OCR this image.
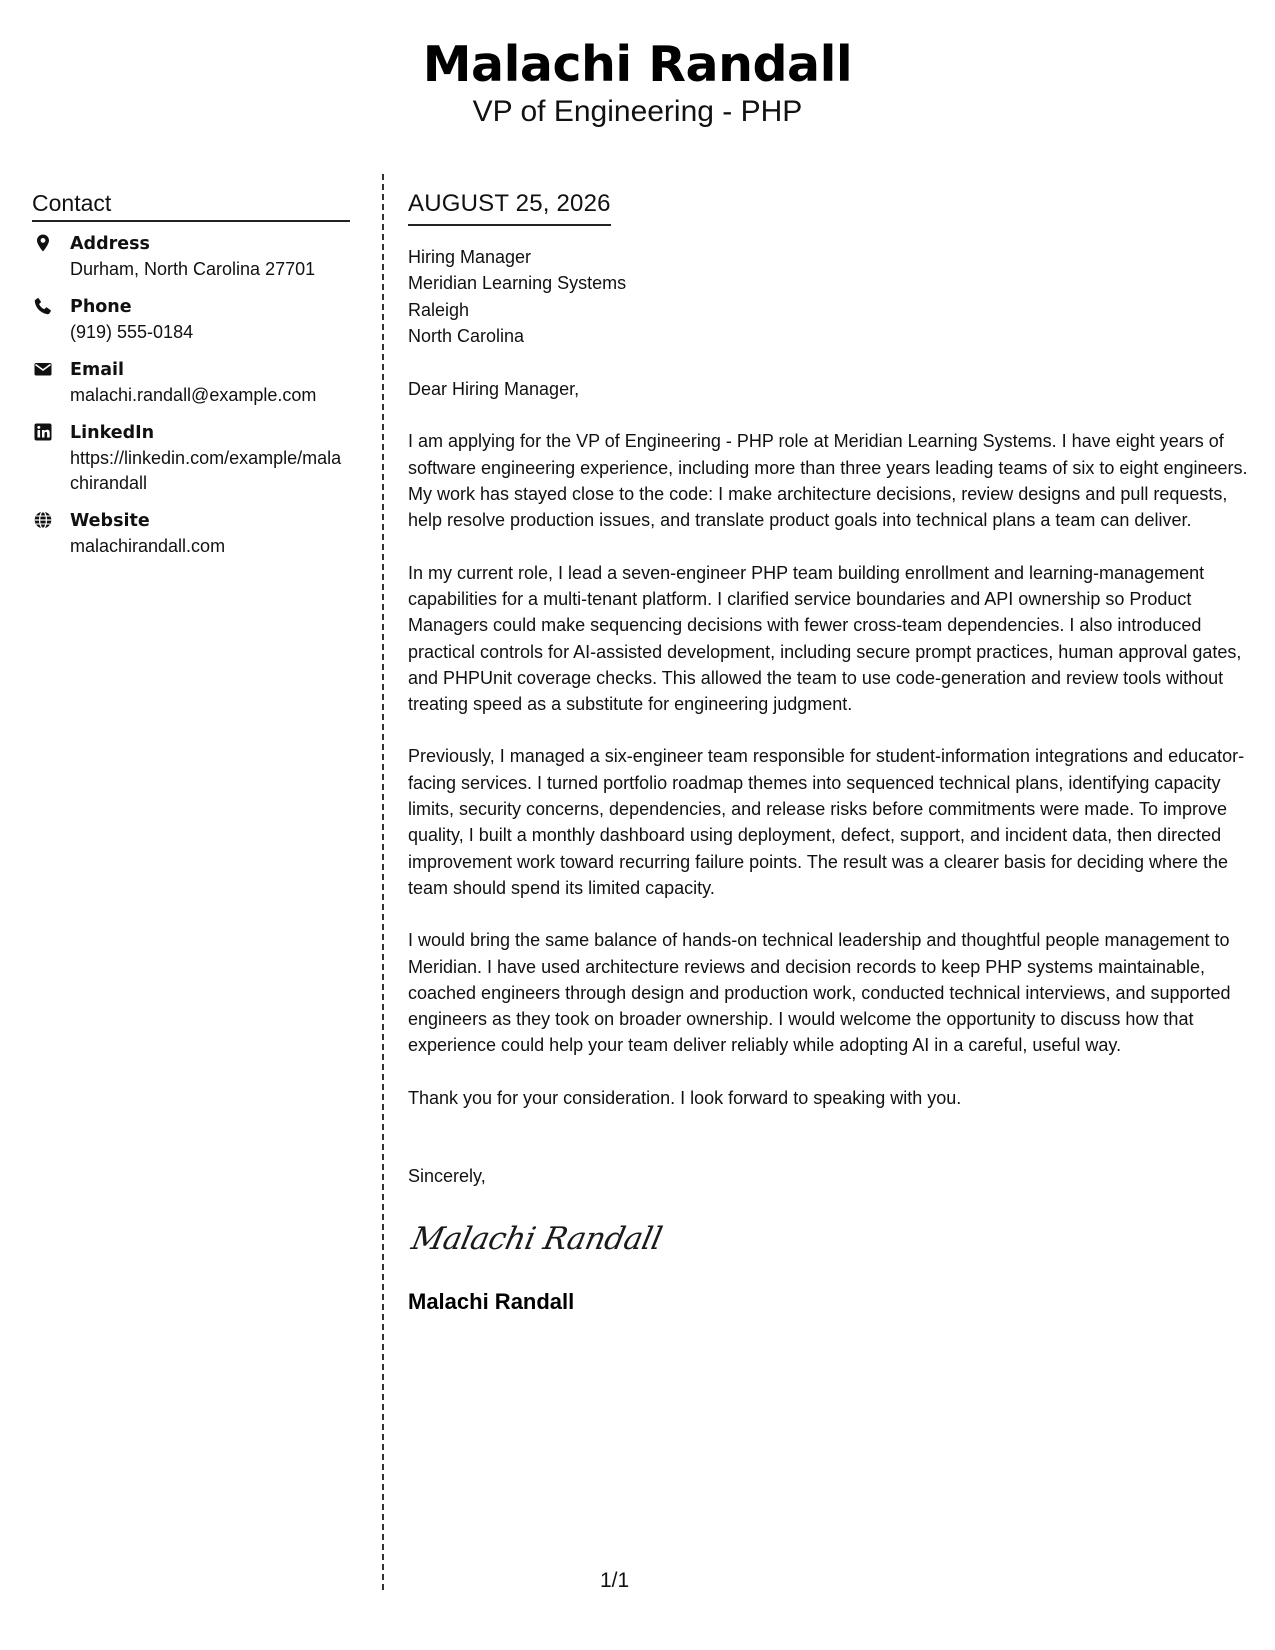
Malachi Randall
VP of Engineering - PHP
Contact
Address
Durham, North Carolina 27701
Phone
(919) 555-0184
Email
malachi.randall@example.com
LinkedIn
https://linkedin.com/example/malachirandall
Website
malachirandall.com
AUGUST 25, 2026
Hiring Manager
Meridian Learning Systems
Raleigh
North Carolina
Dear Hiring Manager,

I am applying for the VP of Engineering - PHP role at Meridian Learning Systems. I have eight years of software engineering experience, including more than three years leading teams of six to eight engineers. My work has stayed close to the code: I make architecture decisions, review designs and pull requests, help resolve production issues, and translate product goals into technical plans a team can deliver.

In my current role, I lead a seven-engineer PHP team building enrollment and learning-management capabilities for a multi-tenant platform. I clarified service boundaries and API ownership so Product Managers could make sequencing decisions with fewer cross-team dependencies. I also introduced practical controls for AI-assisted development, including secure prompt practices, human approval gates, and PHPUnit coverage checks. This allowed the team to use code-generation and review tools without treating speed as a substitute for engineering judgment.

Previously, I managed a six-engineer team responsible for student-information integrations and educator-facing services. I turned portfolio roadmap themes into sequenced technical plans, identifying capacity limits, security concerns, dependencies, and release risks before commitments were made. To improve quality, I built a monthly dashboard using deployment, defect, support, and incident data, then directed improvement work toward recurring failure points. The result was a clearer basis for deciding where the team should spend its limited capacity.

I would bring the same balance of hands-on technical leadership and thoughtful people management to Meridian. I have used architecture reviews and decision records to keep PHP systems maintainable, coached engineers through design and production work, conducted technical interviews, and supported engineers as they took on broader ownership. I would welcome the opportunity to discuss how that experience could help your team deliver reliably while adopting AI in a careful, useful way.

Thank you for your consideration. I look forward to speaking with you.

Sincerely,
Malachi Randall
Malachi Randall
1/1
